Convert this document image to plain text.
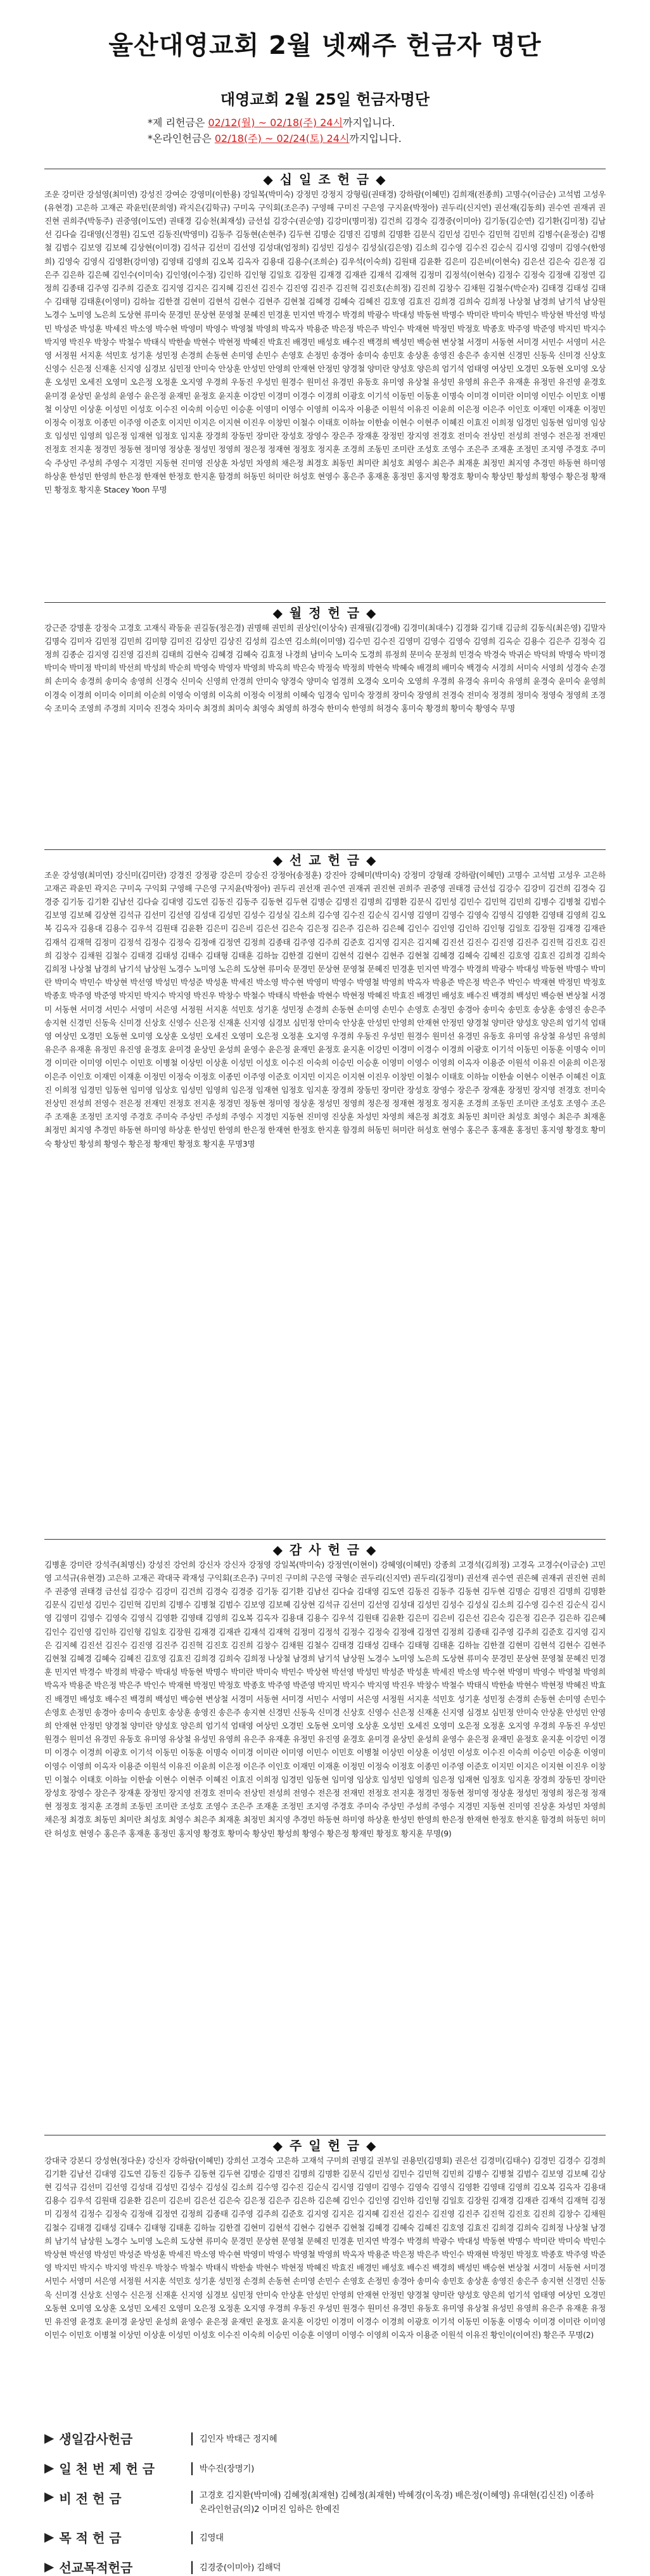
울산대영교회 2월 넷째주 헌금자 명단
대영교회 2월 25일 헌금자명단
*제 리헌금은 02/12(월) ~ 02/18(주) 24시까지입니다.
*온라인헌금은 02/18(주) ~ 02/24(토) 24시까지입니다.
◆ 십 일 조 헌 금 ◆
조운 강미란 강설영(최미연) 강성진 강여순 강영미(이한용) 강일복(박미숙) 강정민 강정지 강형림(권태경) 강하람(이혜민) 김희재(전종희) 고명수(이금순) 고석범 고성우(유현경) 고은하 고재곤 곽윤민(문희영) 곽지은(김학규) 구미옥 구익회(조은주) 구영해 구미진 구은영 구지윤(박정아) 권두리(신지연) 권선재(김동희) 권수연 권재귀 권진현 권희주(박동주) 권중영(이도연) 권태경 김승천(최재성) 금선섭 김강수(권순영) 김강미(명미정) 김건희 김경숙 김경중(이미아) 김기동(김순연) 김기환(김미정) 김남선 김다슬 김대영(신경원) 김도연 김동진(박영미) 김동주 김동현(손현주) 김두현 김명순 김명진 김명희 김명환 김문식 김민성 김민수 김민혁 김민희 김병수(윤정순) 김병철 김범수 김보영 김보혜 김상현(이미경) 김석규 김선미 김선영 김성대(엄정희) 김성민 김성수 김성실(김은영) 김소희 김수영 김수진 김순식 김시영 김영미 김영수(한영희) 김영숙 김영식 김영환(강미영) 김영태 김영희 김오복 김옥자 김용대 김용수(조희순) 김우석(이숙희) 김원태 김윤환 김은미 김은비(이현숙) 김은선 김은숙 김은정 김은주 김은하 김은혜 김인수(이미숙) 김인영(이수정) 김인하 김인형 김일호 김장원 김재경 김재관 김재석 김재혁 김정미 김정석(이현숙) 김정수 김정숙 김정애 김정연 김정희 김종태 김주영 김주희 김준호 김지영 김지은 김지혜 김진선 김진수 김진영 김진주 김진혁 김진호(손희정) 김진희 김창수 김채원 김철수(박순자) 김태경 김태성 김태수 김태형 김태훈(이영미) 김하늘 김한결 김현미 김현석 김현수 김현주 김현철 김혜경 김혜숙 김혜진 김호영 김효진 김희경 김희숙 김희정 나상철 남경희 남기석 남상원 노경수 노미영 노은희 도상현 류미숙 문경민 문상현 문영철 문혜진 민경훈 민지연 박경수 박경희 박광수 박대성 박동현 박명수 박미란 박미숙 박민수 박상현 박선영 박성민 박성준 박성훈 박세진 박소영 박수현 박영미 박영수 박영철 박영희 박옥자 박용준 박은정 박은주 박인수 박재현 박정민 박정호 박종호 박주영 박준영 박지민 박지수 박지영 박진우 박창수 박철수 박태식 박한솔 박현수 박현정 박혜진 박효진 배경민 배성호 배수진 백경희 백성민 백승현 변상철 서경미 서동현 서미경 서민수 서영미 서은영 서정원 서지훈 석민호 성기훈 성민정 손경희 손동현 손미영 손민수 손영호 손정민 송경아 송미숙 송민호 송상훈 송영진 송은주 송지현 신경민 신동욱 신미경 신상호 신영수 신은정 신재훈 신지영 심경보 심민정 안미숙 안상훈 안성민 안영희 안재현 안정민 양경철 양미란 양성호 양은희 엄기석 엄태영 여상민 오경민 오동현 오미영 오상훈 오성민 오세진 오영미 오은정 오정훈 오지영 우경희 우동진 우성민 원경수 원미선 유경민 유동호 유미영 유상철 유성민 유영희 유은주 유재훈 유정민 유진영 윤경호 윤미경 윤상민 윤성희 윤영수 윤은정 윤재민 윤정호 윤지훈 이강민 이경미 이경수 이경희 이광호 이기석 이동민 이동훈 이명숙 이미경 이미란 이미영 이민수 이민호 이병철 이상민 이상훈 이성민 이성호 이수진 이숙희 이승민 이승훈 이영미 이영수 이영희 이옥자 이용준 이원석 이유진 이윤희 이은정 이은주 이인호 이재민 이재훈 이정민 이정숙 이정호 이종민 이주영 이준호 이지민 이지은 이지현 이진우 이창민 이철수 이태호 이하늘 이한솔 이현수 이현주 이혜진 이효진 이희정 임경민 임동현 임미영 임상호 임성민 임영희 임은정 임재현 임정호 임지훈 장경희 장동민 장미란 장성호 장영수 장은주 장재훈 장정민 장지영 전경호 전미숙 전상민 전성희 전영수 전은정 전재민 전정호 전지훈 정경민 정동현 정미영 정상훈 정성민 정영희 정은정 정재현 정정호 정지훈 조경희 조동민 조미란 조성호 조영수 조은주 조재훈 조정민 조지영 주경호 주미숙 주상민 주성희 주영수 지경민 지동현 진미영 진상훈 차성민 차영희 채은정 최경호 최동민 최미란 최성호 최영수 최은주 최재훈 최정민 최지영 추경민 하동현 하미영 하상훈 한성민 한영희 한은정 한재현 한정호 한지훈 함경희 허동민 허미란 허성호 현영수 홍은주 홍재훈 홍정민 홍지영 황경호 황미숙 황상민 황성희 황영수 황은정 황재민 황정호 황지훈 Stacey Yoon 무명
◆ 월 정 헌 금 ◆
강근준 강명훈 강정숙 고경호 고재식 곽동윤 권길동(정은경) 권명해 권민희 권상인(이상숙) 권재필(김경애) 김경미(최대수) 김경화 김기태 김금희 김동식(최은영) 김말자 김명숙 김미자 김민정 김민희 김미향 김미진 김상민 김상진 김성희 김소연 김소희(이미영) 김수민 김수진 김영미 김영수 김영숙 김영희 김옥순 김용수 김은주 김정숙 김정희 김종순 김지영 김진영 김진희 김태희 김현숙 김혜경 김혜숙 김효정 나경희 남미숙 노미숙 도경희 류정희 문미숙 문정희 민경숙 박경숙 박귀순 박덕희 박명숙 박미경 박미숙 박미정 박미희 박선희 박성희 박순희 박영숙 박영자 박영희 박옥희 박은숙 박정숙 박정희 박현숙 박혜숙 배경희 배미숙 백경숙 서경희 서미숙 서영희 성경숙 손경희 손미숙 송경희 송미숙 송영희 신경숙 신미숙 신영희 안경희 안미숙 양경숙 양미숙 엄경희 오경숙 오미숙 오영희 우경희 유경숙 유미숙 유영희 윤경숙 윤미숙 윤영희 이경숙 이경희 이미숙 이미희 이순희 이영숙 이영희 이옥희 이정숙 이정희 이혜숙 임경숙 임미숙 장경희 장미숙 장영희 전경숙 전미숙 정경희 정미숙 정영숙 정영희 조경숙 조미숙 조영희 주경희 지미숙 진경숙 차미숙 최경희 최미숙 최영숙 최영희 하경숙 한미숙 한영희 허경숙 홍미숙 황경희 황미숙 황영숙 무명
◆ 선 교 헌 금 ◆
조운 강성영(최미연) 강신미(김미란) 강경진 강정광 강은미 강승진 강정아(송정훈) 강진아 강혜미(박미숙) 강정미 강형래 강하람(이혜민) 고명수 고석범 고성우 고은하 고재곤 곽윤민 곽지은 구미옥 구익회 구영해 구은영 구지윤(박정아) 권두리 권선재 권수연 권재귀 권진현 권희주 권중영 권태경 금선섭 김강수 김강미 김건희 김경숙 김경중 김기동 김기환 김남선 김다슬 김대영 김도연 김동진 김동주 김동현 김두현 김명순 김명진 김명희 김명환 김문식 김민성 김민수 김민혁 김민희 김병수 김병철 김범수 김보영 김보혜 김상현 김석규 김선미 김선영 김성대 김성민 김성수 김성실 김소희 김수영 김수진 김순식 김시영 김영미 김영수 김영숙 김영식 김영환 김영태 김영희 김오복 김옥자 김용대 김용수 김우석 김원태 김윤환 김은미 김은비 김은선 김은숙 김은정 김은주 김은하 김은혜 김인수 김인영 김인하 김인형 김일호 김장원 김재경 김재관 김재석 김재혁 김정미 김정석 김정수 김정숙 김정애 김정연 김정희 김종태 김주영 김주희 김준호 김지영 김지은 김지혜 김진선 김진수 김진영 김진주 김진혁 김진호 김진희 김창수 김채원 김철수 김태경 김태성 김태수 김태형 김태훈 김하늘 김한결 김현미 김현석 김현수 김현주 김현철 김혜경 김혜숙 김혜진 김호영 김효진 김희경 김희숙 김희정 나상철 남경희 남기석 남상원 노경수 노미영 노은희 도상현 류미숙 문경민 문상현 문영철 문혜진 민경훈 민지연 박경수 박경희 박광수 박대성 박동현 박명수 박미란 박미숙 박민수 박상현 박선영 박성민 박성준 박성훈 박세진 박소영 박수현 박영미 박영수 박영철 박영희 박옥자 박용준 박은정 박은주 박인수 박재현 박정민 박정호 박종호 박주영 박준영 박지민 박지수 박지영 박진우 박창수 박철수 박태식 박한솔 박현수 박현정 박혜진 박효진 배경민 배성호 배수진 백경희 백성민 백승현 변상철 서경미 서동현 서미경 서민수 서영미 서은영 서정원 서지훈 석민호 성기훈 성민정 손경희 손동현 손미영 손민수 손영호 손정민 송경아 송미숙 송민호 송상훈 송영진 송은주 송지현 신경민 신동욱 신미경 신상호 신영수 신은정 신재훈 신지영 심경보 심민정 안미숙 안상훈 안성민 안영희 안재현 안정민 양경철 양미란 양성호 양은희 엄기석 엄태영 여상민 오경민 오동현 오미영 오상훈 오성민 오세진 오영미 오은정 오정훈 오지영 우경희 우동진 우성민 원경수 원미선 유경민 유동호 유미영 유상철 유성민 유영희 유은주 유재훈 유정민 유진영 윤경호 윤미경 윤상민 윤성희 윤영수 윤은정 윤재민 윤정호 윤지훈 이강민 이경미 이경수 이경희 이광호 이기석 이동민 이동훈 이명숙 이미경 이미란 이미영 이민수 이민호 이병철 이상민 이상훈 이성민 이성호 이수진 이숙희 이승민 이승훈 이영미 이영수 이영희 이옥자 이용준 이원석 이유진 이윤희 이은정 이은주 이인호 이재민 이재훈 이정민 이정숙 이정호 이종민 이주영 이준호 이지민 이지은 이지현 이진우 이창민 이철수 이태호 이하늘 이한솔 이현수 이현주 이혜진 이효진 이희정 임경민 임동현 임미영 임상호 임성민 임영희 임은정 임재현 임정호 임지훈 장경희 장동민 장미란 장성호 장영수 장은주 장재훈 장정민 장지영 전경호 전미숙 전상민 전성희 전영수 전은정 전재민 전정호 전지훈 정경민 정동현 정미영 정상훈 정성민 정영희 정은정 정재현 정정호 정지훈 조경희 조동민 조미란 조성호 조영수 조은주 조재훈 조정민 조지영 주경호 주미숙 주상민 주성희 주영수 지경민 지동현 진미영 진상훈 차성민 차영희 채은정 최경호 최동민 최미란 최성호 최영수 최은주 최재훈 최정민 최지영 추경민 하동현 하미영 하상훈 한성민 한영희 한은정 한재현 한정호 한지훈 함경희 허동민 허미란 허성호 현영수 홍은주 홍재훈 홍정민 홍지영 황경호 황미숙 황상민 황성희 황영수 황은정 황재민 황정호 황지훈 무명3명
◆ 감 사 헌 금 ◆
김병훈 강미란 강석주(최명신) 강성진 강언희 강신자 강신자 강정영 강일복(박미숙) 강정연(이현이) 강혜영(이혜민) 강종희 고경석(김희정) 고경옥 고경수(이금순) 고민영 고석규(유현경) 고은하 고재곤 곽대국 곽재성 구익회(조은주) 구미진 구미희 구은영 국형순 권두리(신지연) 권두리(김정미) 권선재 권수연 권은혜 권재귀 권진현 권희주 권중영 권태경 금선섭 김강수 김강미 김건희 김경숙 김경중 김기동 김기환 김남선 김다슬 김대영 김도연 김동진 김동주 김동현 김두현 김명순 김명진 김명희 김명환 김문식 김민성 김민수 김민혁 김민희 김병수 김병철 김범수 김보영 김보혜 김상현 김석규 김선미 김선영 김성대 김성민 김성수 김성실 김소희 김수영 김수진 김순식 김시영 김영미 김영수 김영숙 김영식 김영환 김영태 김영희 김오복 김옥자 김용대 김용수 김우석 김원태 김윤환 김은미 김은비 김은선 김은숙 김은정 김은주 김은하 김은혜 김인수 김인영 김인하 김인형 김일호 김장원 김재경 김재관 김재석 김재혁 김정미 김정석 김정수 김정숙 김정애 김정연 김정희 김종태 김주영 김주희 김준호 김지영 김지은 김지혜 김진선 김진수 김진영 김진주 김진혁 김진호 김진희 김창수 김채원 김철수 김태경 김태성 김태수 김태형 김태훈 김하늘 김한결 김현미 김현석 김현수 김현주 김현철 김혜경 김혜숙 김혜진 김호영 김효진 김희경 김희숙 김희정 나상철 남경희 남기석 남상원 노경수 노미영 노은희 도상현 류미숙 문경민 문상현 문영철 문혜진 민경훈 민지연 박경수 박경희 박광수 박대성 박동현 박명수 박미란 박미숙 박민수 박상현 박선영 박성민 박성준 박성훈 박세진 박소영 박수현 박영미 박영수 박영철 박영희 박옥자 박용준 박은정 박은주 박인수 박재현 박정민 박정호 박종호 박주영 박준영 박지민 박지수 박지영 박진우 박창수 박철수 박태식 박한솔 박현수 박현정 박혜진 박효진 배경민 배성호 배수진 백경희 백성민 백승현 변상철 서경미 서동현 서미경 서민수 서영미 서은영 서정원 서지훈 석민호 성기훈 성민정 손경희 손동현 손미영 손민수 손영호 손정민 송경아 송미숙 송민호 송상훈 송영진 송은주 송지현 신경민 신동욱 신미경 신상호 신영수 신은정 신재훈 신지영 심경보 심민정 안미숙 안상훈 안성민 안영희 안재현 안정민 양경철 양미란 양성호 양은희 엄기석 엄태영 여상민 오경민 오동현 오미영 오상훈 오성민 오세진 오영미 오은정 오정훈 오지영 우경희 우동진 우성민 원경수 원미선 유경민 유동호 유미영 유상철 유성민 유영희 유은주 유재훈 유정민 유진영 윤경호 윤미경 윤상민 윤성희 윤영수 윤은정 윤재민 윤정호 윤지훈 이강민 이경미 이경수 이경희 이광호 이기석 이동민 이동훈 이명숙 이미경 이미란 이미영 이민수 이민호 이병철 이상민 이상훈 이성민 이성호 이수진 이숙희 이승민 이승훈 이영미 이영수 이영희 이옥자 이용준 이원석 이유진 이윤희 이은정 이은주 이인호 이재민 이재훈 이정민 이정숙 이정호 이종민 이주영 이준호 이지민 이지은 이지현 이진우 이창민 이철수 이태호 이하늘 이한솔 이현수 이현주 이혜진 이효진 이희정 임경민 임동현 임미영 임상호 임성민 임영희 임은정 임재현 임정호 임지훈 장경희 장동민 장미란 장성호 장영수 장은주 장재훈 장정민 장지영 전경호 전미숙 전상민 전성희 전영수 전은정 전재민 전정호 전지훈 정경민 정동현 정미영 정상훈 정성민 정영희 정은정 정재현 정정호 정지훈 조경희 조동민 조미란 조성호 조영수 조은주 조재훈 조정민 조지영 주경호 주미숙 주상민 주성희 주영수 지경민 지동현 진미영 진상훈 차성민 차영희 채은정 최경호 최동민 최미란 최성호 최영수 최은주 최재훈 최정민 최지영 추경민 하동현 하미영 하상훈 한성민 한영희 한은정 한재현 한정호 한지훈 함경희 허동민 허미란 허성호 현영수 홍은주 홍재훈 홍정민 홍지영 황경호 황미숙 황상민 황성희 황영수 황은정 황재민 황정호 황지훈 무명(9)
◆ 주 일 헌 금 ◆
강대국 강본디 강성현(정다운) 강신자 강하람(이혜민) 강희선 고경숙 고은하 고재석 구미희 권명길 권부일 권용민(김명회) 권은선 김경미(김태수) 김경민 김경수 김경희 김기환 김남선 김대영 김도연 김동진 김동주 김동현 김두현 김명순 김명진 김명희 김명환 김문식 김민성 김민수 김민혁 김민희 김병수 김병철 김범수 김보영 김보혜 김상현 김석규 김선미 김선영 김성대 김성민 김성수 김성실 김소희 김수영 김수진 김순식 김시영 김영미 김영수 김영숙 김영식 김영환 김영태 김영희 김오복 김옥자 김용대 김용수 김우석 김원태 김윤환 김은미 김은비 김은선 김은숙 김은정 김은주 김은하 김은혜 김인수 김인영 김인하 김인형 김일호 김장원 김재경 김재관 김재석 김재혁 김정미 김정석 김정수 김정숙 김정애 김정연 김정희 김종태 김주영 김주희 김준호 김지영 김지은 김지혜 김진선 김진수 김진영 김진주 김진혁 김진호 김진희 김창수 김채원 김철수 김태경 김태성 김태수 김태형 김태훈 김하늘 김한결 김현미 김현석 김현수 김현주 김현철 김혜경 김혜숙 김혜진 김호영 김효진 김희경 김희숙 김희정 나상철 남경희 남기석 남상원 노경수 노미영 노은희 도상현 류미숙 문경민 문상현 문영철 문혜진 민경훈 민지연 박경수 박경희 박광수 박대성 박동현 박명수 박미란 박미숙 박민수 박상현 박선영 박성민 박성준 박성훈 박세진 박소영 박수현 박영미 박영수 박영철 박영희 박옥자 박용준 박은정 박은주 박인수 박재현 박정민 박정호 박종호 박주영 박준영 박지민 박지수 박지영 박진우 박창수 박철수 박태식 박한솔 박현수 박현정 박혜진 박효진 배경민 배성호 배수진 백경희 백성민 백승현 변상철 서경미 서동현 서미경 서민수 서영미 서은영 서정원 서지훈 석민호 성기훈 성민정 손경희 손동현 손미영 손민수 손영호 손정민 송경아 송미숙 송민호 송상훈 송영진 송은주 송지현 신경민 신동욱 신미경 신상호 신영수 신은정 신재훈 신지영 심경보 심민정 안미숙 안상훈 안성민 안영희 안재현 안정민 양경철 양미란 양성호 양은희 엄기석 엄태영 여상민 오경민 오동현 오미영 오상훈 오성민 오세진 오영미 오은정 오정훈 오지영 우경희 우동진 우성민 원경수 원미선 유경민 유동호 유미영 유상철 유성민 유영희 유은주 유재훈 유정민 유진영 윤경호 윤미경 윤상민 윤성희 윤영수 윤은정 윤재민 윤정호 윤지훈 이강민 이경미 이경수 이경희 이광호 이기석 이동민 이동훈 이명숙 이미경 이미란 이미영 이민수 이민호 이병철 이상민 이상훈 이성민 이성호 이수진 이숙희 이승민 이승훈 이영미 이영수 이영희 이옥자 이용준 이원석 이유진 황인이(이여진) 황은주 무명(2)
▶ 생일감사헌금	| 김인자 박태근 정지혜
▶ 일 천 번 제 헌 금	| 박수진(장명기)
▶ 비 전 헌 금	| 고경호 김지환(박미애) 김혜정(최재현) 김혜정(최재현) 박혜경(이옥경) 배은정(이혜영) 유대현(김신진) 이종하
온라인헌금(의)2 이머진 임하은 한예진
▶ 목 적 헌 금	| 김영대
▶ 선교목적헌금	| 김경중(이미아) 김해덕
